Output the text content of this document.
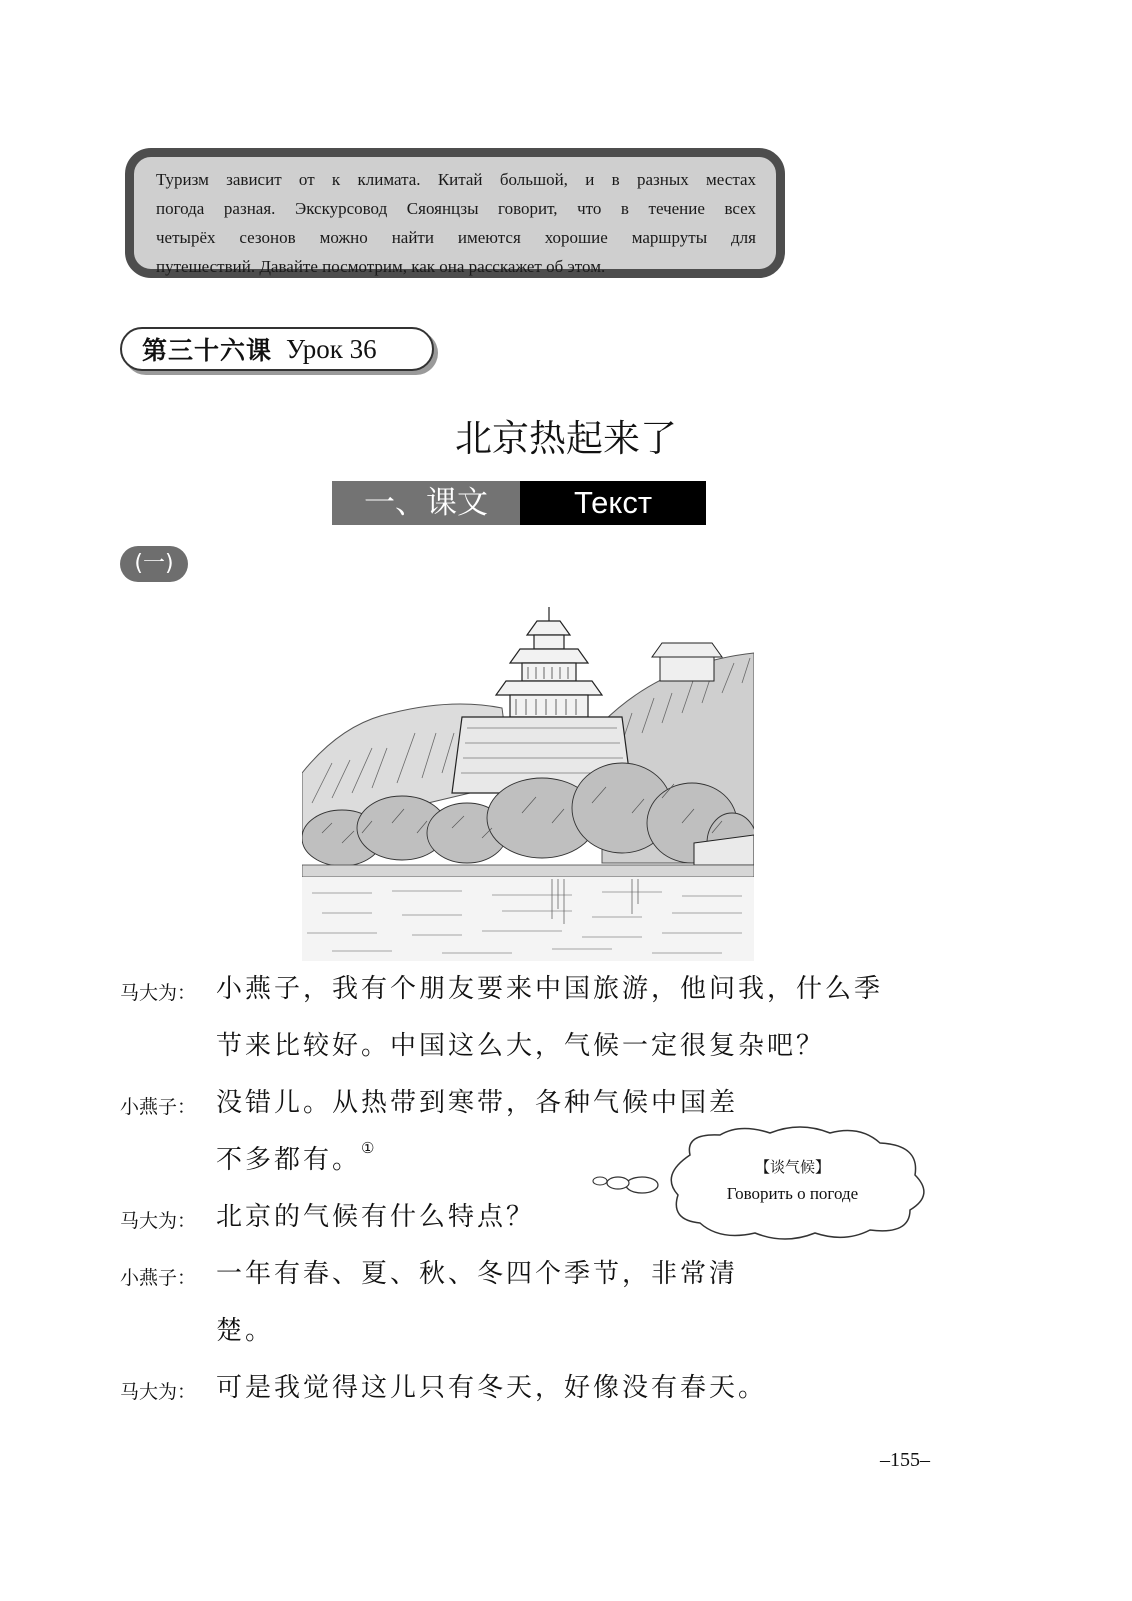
Туризм зависит от к климата. Китай большой, и в разных местах
погода разная. Экскурсовод Сяоянцзы говорит, что в течение всех
четырёх сезонов можно найти имеются хорошие маршруты для
путешествий. Давайте посмотрим, как она расскажет об этом.
第三十六课 Урок 36
北京热起来了
一、课文	Текст
(一)
马大为： 小燕子，我有个朋友要来中国旅游，他问我，什么季
节来比较好。中国这么大，气候一定很复杂吧？
小燕子： 没错儿。从热带到寒带，各种气候中国差
不多都有。①
马大为： 北京的气候有什么特点？
小燕子： 一年有春、夏、秋、冬四个季节，非常清
楚。
马大为： 可是我觉得这儿只有冬天，好像没有春天。
【谈气候】
Говорить о погоде
–155–
